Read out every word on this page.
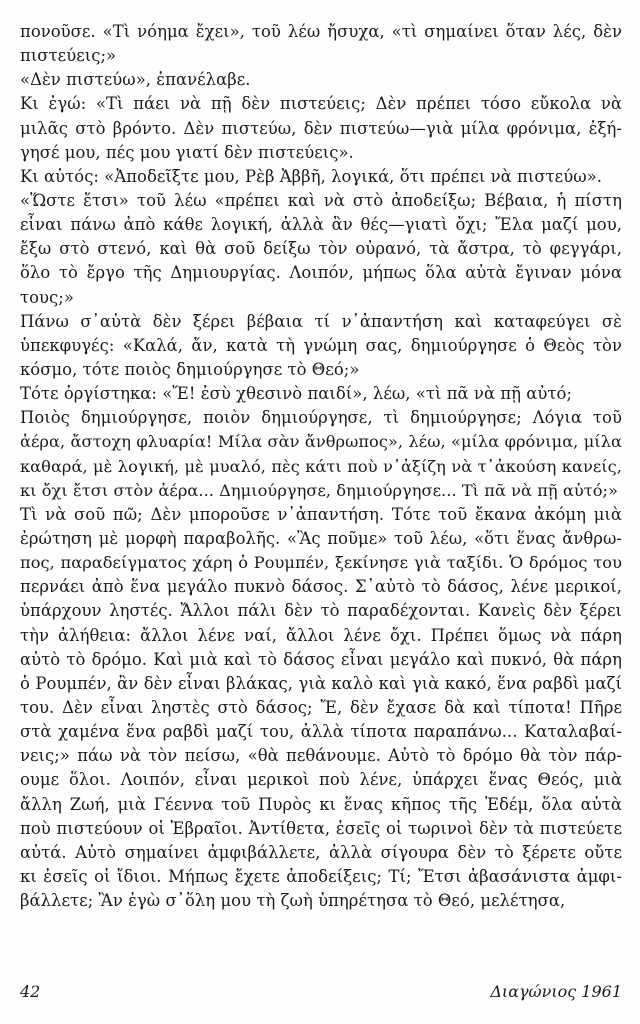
πονοῦσε. «Τὶ νόημα ἔχει», τοῦ λέω ἤσυχα, «τὶ σημαίνει ὅταν λές, δὲν
πιστεύεις;»
«Δὲν πιστεύω», ἐπανέλαβε.
Κι ἐγώ: «Τὶ πάει νὰ πῇ δὲν πιστεύεις; Δὲν πρέπει τόσο εὔκολα νὰ
μιλᾶς στὸ βρόντο. Δὲν πιστεύω, δὲν πιστεύω—γιὰ μίλα φρόνιμα, ἐξή-
γησέ μου, πές μου γιατί δὲν πιστεύεις».
Κι αὐτός: «Ἀποδεῖξτε μου, Ρὲβ Ἀββῆ, λογικά, ὅτι πρέπει νὰ πιστεύω».
«Ὥστε ἔτσι» τοῦ λέω «πρέπει καὶ νὰ στὸ ἀποδείξω; Βέβαια, ἡ πίστη
εἶναι πάνω ἀπὸ κάθε λογική, ἀλλὰ ἂν θές—γιατὶ ὄχι; Ἔλα μαζί μου,
ἔξω στὸ στενό, καὶ θὰ σοῦ δείξω τὸν οὐρανό, τὰ ἄστρα, τὸ φεγγάρι,
ὅλο τὸ ἔργο τῆς Δημιουργίας. Λοιπόν, μήπως ὅλα αὐτὰ ἔγιναν μόνα
τους;»
Πάνω σ᾽αὐτὰ δὲν ξέρει βέβαια τί ν᾽ἀπαντήση καὶ καταφεύγει σὲ
ὑπεκφυγές: «Καλά, ἄν, κατὰ τὴ γνώμη σας, δημιούργησε ὁ Θεὸς τὸν
κόσμο, τότε ποιὸς δημιούργησε τὸ Θεό;»
Τότε ὀργίστηκα: «Ἔ! ἐσὺ χθεσινὸ παιδί», λέω, «τὶ πᾶ νὰ πῇ αὐτό;
Ποιὸς δημιούργησε, ποιὸν δημιούργησε, τὶ δημιούργησε; Λόγια τοῦ
ἀέρα, ἄστοχη φλυαρία! Μίλα σὰν ἄνθρωπος», λέω, «μίλα φρόνιμα, μίλα
καθαρά, μὲ λογική, μὲ μυαλό, πὲς κάτι ποὺ ν᾽ἀξίζη νὰ τ᾽ἀκούση κανείς,
κι ὄχι ἔτσι στὸν ἀέρα... Δημιούργησε, δημιούργησε... Τὶ πᾶ νὰ πῇ αὐτό;»
Τὶ νὰ σοῦ πῶ; Δὲν μποροῦσε ν᾽ἀπαντήση. Τότε τοῦ ἔκανα ἀκόμη μιὰ
ἐρώτηση μὲ μορφὴ παραβολῆς. «Ἂς ποῦμε» τοῦ λέω, «ὅτι ἕνας ἄνθρω-
πος, παραδείγματος χάρη ὁ Ρουμπέν, ξεκίνησε γιὰ ταξίδι. Ὁ δρόμος του
περνάει ἀπὸ ἕνα μεγάλο πυκνὸ δάσος. Σ᾽αὐτὸ τὸ δάσος, λένε μερικοί,
ὑπάρχουν ληστές. Ἄλλοι πάλι δὲν τὸ παραδέχονται. Κανεὶς δὲν ξέρει
τὴν ἀλήθεια: ἄλλοι λένε ναί, ἄλλοι λένε ὄχι. Πρέπει ὅμως νὰ πάρη
αὐτὸ τὸ δρόμο. Καὶ μιὰ καὶ τὸ δάσος εἶναι μεγάλο καὶ πυκνό, θὰ πάρη
ὁ Ρουμπέν, ἂν δὲν εἶναι βλάκας, γιὰ καλὸ καὶ γιὰ κακό, ἕνα ραβδὶ μαζί
του. Δὲν εἶναι ληστὲς στὸ δάσος; Ἔ, δὲν ἔχασε δὰ καὶ τίποτα! Πῆρε
στὰ χαμένα ἕνα ραβδὶ μαζί του, ἀλλὰ τίποτα παραπάνω... Καταλαβαί-
νεις;» πάω νὰ τὸν πείσω, «θὰ πεθάνουμε. Αὐτὸ τὸ δρόμο θὰ τὸν πάρ-
ουμε ὅλοι. Λοιπόν, εἶναι μερικοὶ ποὺ λένε, ὑπάρχει ἕνας Θεός, μιὰ
ἄλλη Ζωή, μιὰ Γέεννα τοῦ Πυρὸς κι ἕνας κῆπος τῆς Ἐδέμ, ὅλα αὐτὰ
ποὺ πιστεύουν οἱ Ἑβραῖοι. Ἀντίθετα, ἐσεῖς οἱ τωρινοὶ δὲν τὰ πιστεύετε
αὐτά. Αὐτὸ σημαίνει ἀμφιβάλλετε, ἀλλὰ σίγουρα δὲν τὸ ξέρετε οὔτε
κι ἐσεῖς οἱ ἴδιοι. Μήπως ἔχετε ἀποδείξεις; Τί; Ἔτσι ἀβασάνιστα ἀμφι-
βάλλετε; Ἂν ἐγὼ σ᾽ὅλη μου τὴ ζωὴ ὑπηρέτησα τὸ Θεό, μελέτησα,
42	Διαγώνιος 1961
